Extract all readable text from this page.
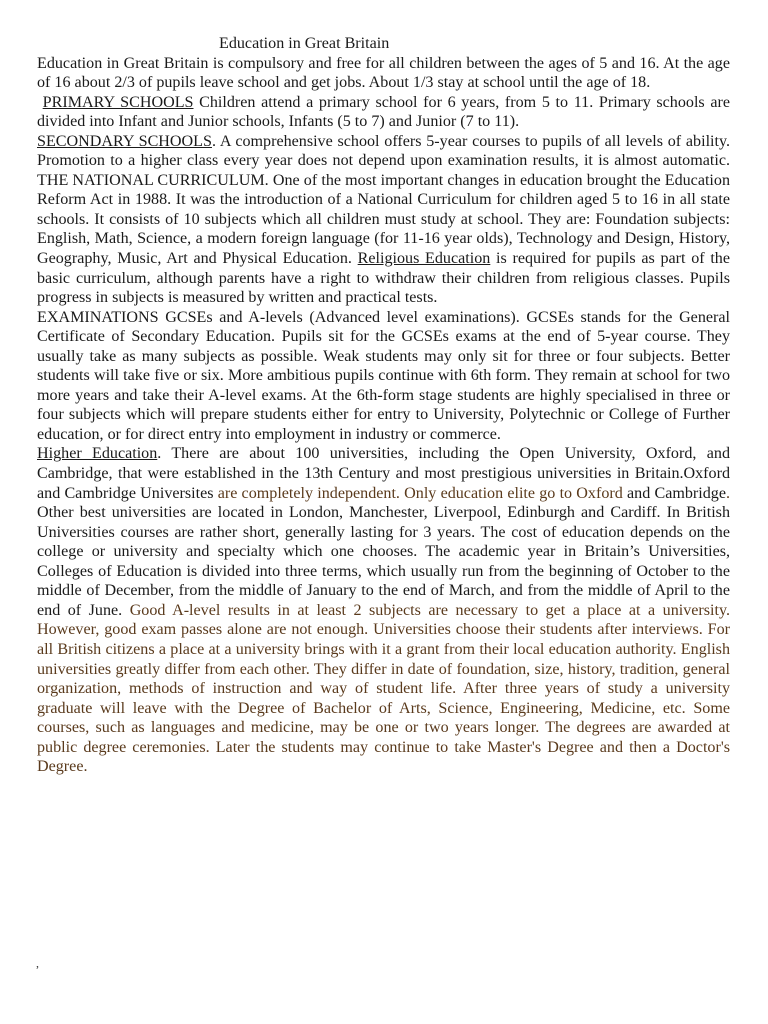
Education in Great Britain

Education in Great Britain is compulsory and free for all children between the ages of 5 and 16. At the age of 16 about 2/3 of pupils leave school and get jobs. About 1/3 stay at school until the age of 18.
PRIMARY SCHOOLS Children attend a primary school for 6 years, from 5 to 11. Primary schools are divided into Infant and Junior schools, Infants (5 to 7) and Junior (7 to 11).
SECONDARY SCHOOLS. A comprehensive school offers 5-year courses to pupils of all levels of ability. Promotion to a higher class every year does not depend upon examination results, it is almost automatic. THE NATIONAL CURRICULUM. One of the most important changes in education brought the Education Reform Act in 1988. It was the introduction of a National Curriculum for children aged 5 to 16 in all state schools. It consists of 10 subjects which all children must study at school. They are: Foundation subjects: English, Math, Science, a modern foreign language (for 11-16 year olds), Technology and Design, History, Geography, Music, Art and Physical Education. Religious Education is required for pupils as part of the basic curriculum, although parents have a right to withdraw their children from religious classes. Pupils progress in subjects is measured by written and practical tests.
EXAMINATIONS GCSEs and A-levels (Advanced level examinations). GCSEs stands for the General Certificate of Secondary Education. Pupils sit for the GCSEs exams at the end of 5-year course. They usually take as many subjects as possible. Weak students may only sit for three or four subjects. Better students will take five or six. More ambitious pupils continue with 6th form. They remain at school for two more years and take their A-level exams. At the 6th-form stage students are highly specialised in three or four subjects which will prepare students either for entry to University, Polytechnic or College of Further education, or for direct entry into employment in industry or commerce.
Higher Education. There are about 100 universities, including the Open University, Oxford, and Cambridge, that were established in the 13th Century and most prestigious universities in Britain.Oxford and Cambridge Universites are completely independent. Only education elite go to Oxford and Cambridge. Other best universities are located in London, Manchester, Liverpool, Edinburgh and Cardiff. In British Universities courses are rather short, generally lasting for 3 years. The cost of education depends on the college or university and specialty which one chooses. The academic year in Britain’s Universities, Colleges of Education is divided into three terms, which usually run from the beginning of October to the middle of December, from the middle of January to the end of March, and from the middle of April to the end of June. Good A-level results in at least 2 subjects are necessary to get a place at a university. However, good exam passes alone are not enough. Universities choose their students after interviews. For all British citizens a place at a university brings with it a grant from their local education authority. English universities greatly differ from each other. They differ in date of foundation, size, history, tradition, general organization, methods of instruction and way of student life. After three years of study a university graduate will leave with the Degree of Bachelor of Arts, Science, Engineering, Medicine, etc. Some courses, such as languages and medicine, may be one or two years longer. The degrees are awarded at public degree ceremonies. Later the students may continue to take Master's Degree and then a Doctor's Degree.

,
